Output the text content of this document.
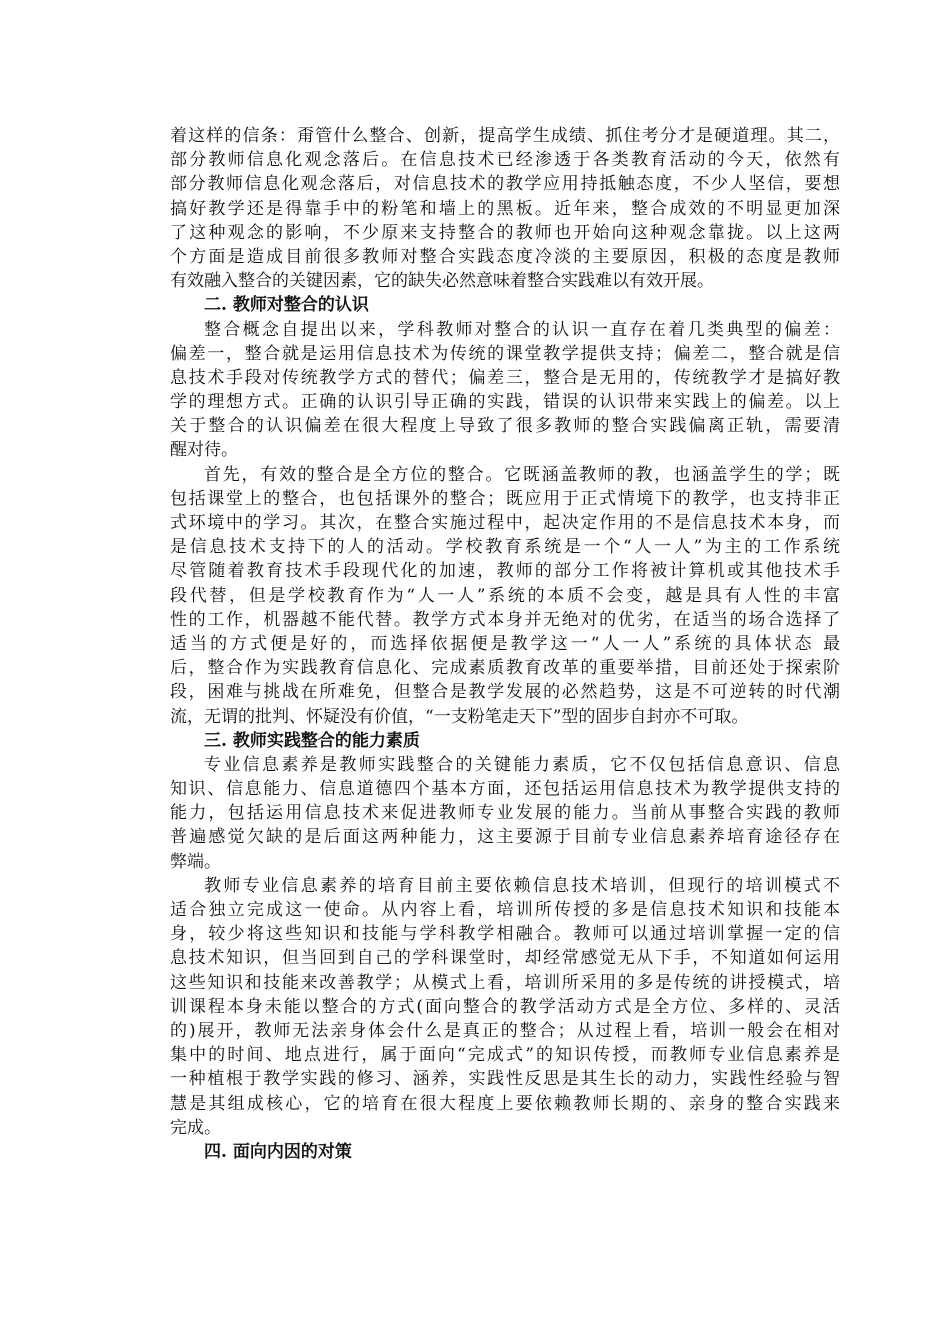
着这样的信条：甭管什么整合、创新，提高学生成绩、抓住考分才是硬道理。其二，
部分教师信息化观念落后。在信息技术已经渗透于各类教育活动的今天，依然有
部分教师信息化观念落后，对信息技术的教学应用持抵触态度，不少人坚信，要想
搞好教学还是得靠手中的粉笔和墙上的黑板。近年来，整合成效的不明显更加深
了这种观念的影响，不少原来支持整合的教师也开始向这种观念靠拢。以上这两
个方面是造成目前很多教师对整合实践态度冷淡的主要原因，积极的态度是教师
有效融入整合的关键因素，它的缺失必然意味着整合实践难以有效开展。
二. 教师对整合的认识
整合概念自提出以来，学科教师对整合的认识一直存在着几类典型的偏差：
偏差一，整合就是运用信息技术为传统的课堂教学提供支持；偏差二，整合就是信
息技术手段对传统教学方式的替代；偏差三，整合是无用的，传统教学才是搞好教
学的理想方式。正确的认识引导正确的实践，错误的认识带来实践上的偏差。以上
关于整合的认识偏差在很大程度上导致了很多教师的整合实践偏离正轨，需要清
醒对待。
首先，有效的整合是全方位的整合。它既涵盖教师的教，也涵盖学生的学；既
包括课堂上的整合，也包括课外的整合；既应用于正式情境下的教学，也支持非正
式环境中的学习。其次，在整合实施过程中，起决定作用的不是信息技术本身，而
是信息技术支持下的人的活动。学校教育系统是一个“人一人”为主的工作系统
尽管随着教育技术手段现代化的加速，教师的部分工作将被计算机或其他技术手
段代替，但是学校教育作为“人一人”系统的本质不会变，越是具有人性的丰富
性的工作，机器越不能代替。教学方式本身并无绝对的优劣，在适当的场合选择了
适当的方式便是好的，而选择依据便是教学这一“人一人”系统的具体状态 最
后，整合作为实践教育信息化、完成素质教育改革的重要举措，目前还处于探索阶
段，困难与挑战在所难免，但整合是教学发展的必然趋势，这是不可逆转的时代潮
流，无谓的批判、怀疑没有价值，“一支粉笔走天下”型的固步自封亦不可取。
三. 教师实践整合的能力素质
专业信息素养是教师实践整合的关键能力素质，它不仅包括信息意识、信息
知识、信息能力、信息道德四个基本方面，还包括运用信息技术为教学提供支持的
能力，包括运用信息技术来促进教师专业发展的能力。当前从事整合实践的教师
普遍感觉欠缺的是后面这两种能力，这主要源于目前专业信息素养培育途径存在
弊端。
教师专业信息素养的培育目前主要依赖信息技术培训，但现行的培训模式不
适合独立完成这一使命。从内容上看，培训所传授的多是信息技术知识和技能本
身，较少将这些知识和技能与学科教学相融合。教师可以通过培训掌握一定的信
息技术知识，但当回到自己的学科课堂时，却经常感觉无从下手，不知道如何运用
这些知识和技能来改善教学；从模式上看，培训所采用的多是传统的讲授模式，培
训课程本身未能以整合的方式(面向整合的教学活动方式是全方位、多样的、灵活
的)展开，教师无法亲身体会什么是真正的整合；从过程上看，培训一般会在相对
集中的时间、地点进行，属于面向“完成式”的知识传授，而教师专业信息素养是
一种植根于教学实践的修习、涵养，实践性反思是其生长的动力，实践性经验与智
慧是其组成核心，它的培育在很大程度上要依赖教师长期的、亲身的整合实践来
完成。
四. 面向内因的对策
